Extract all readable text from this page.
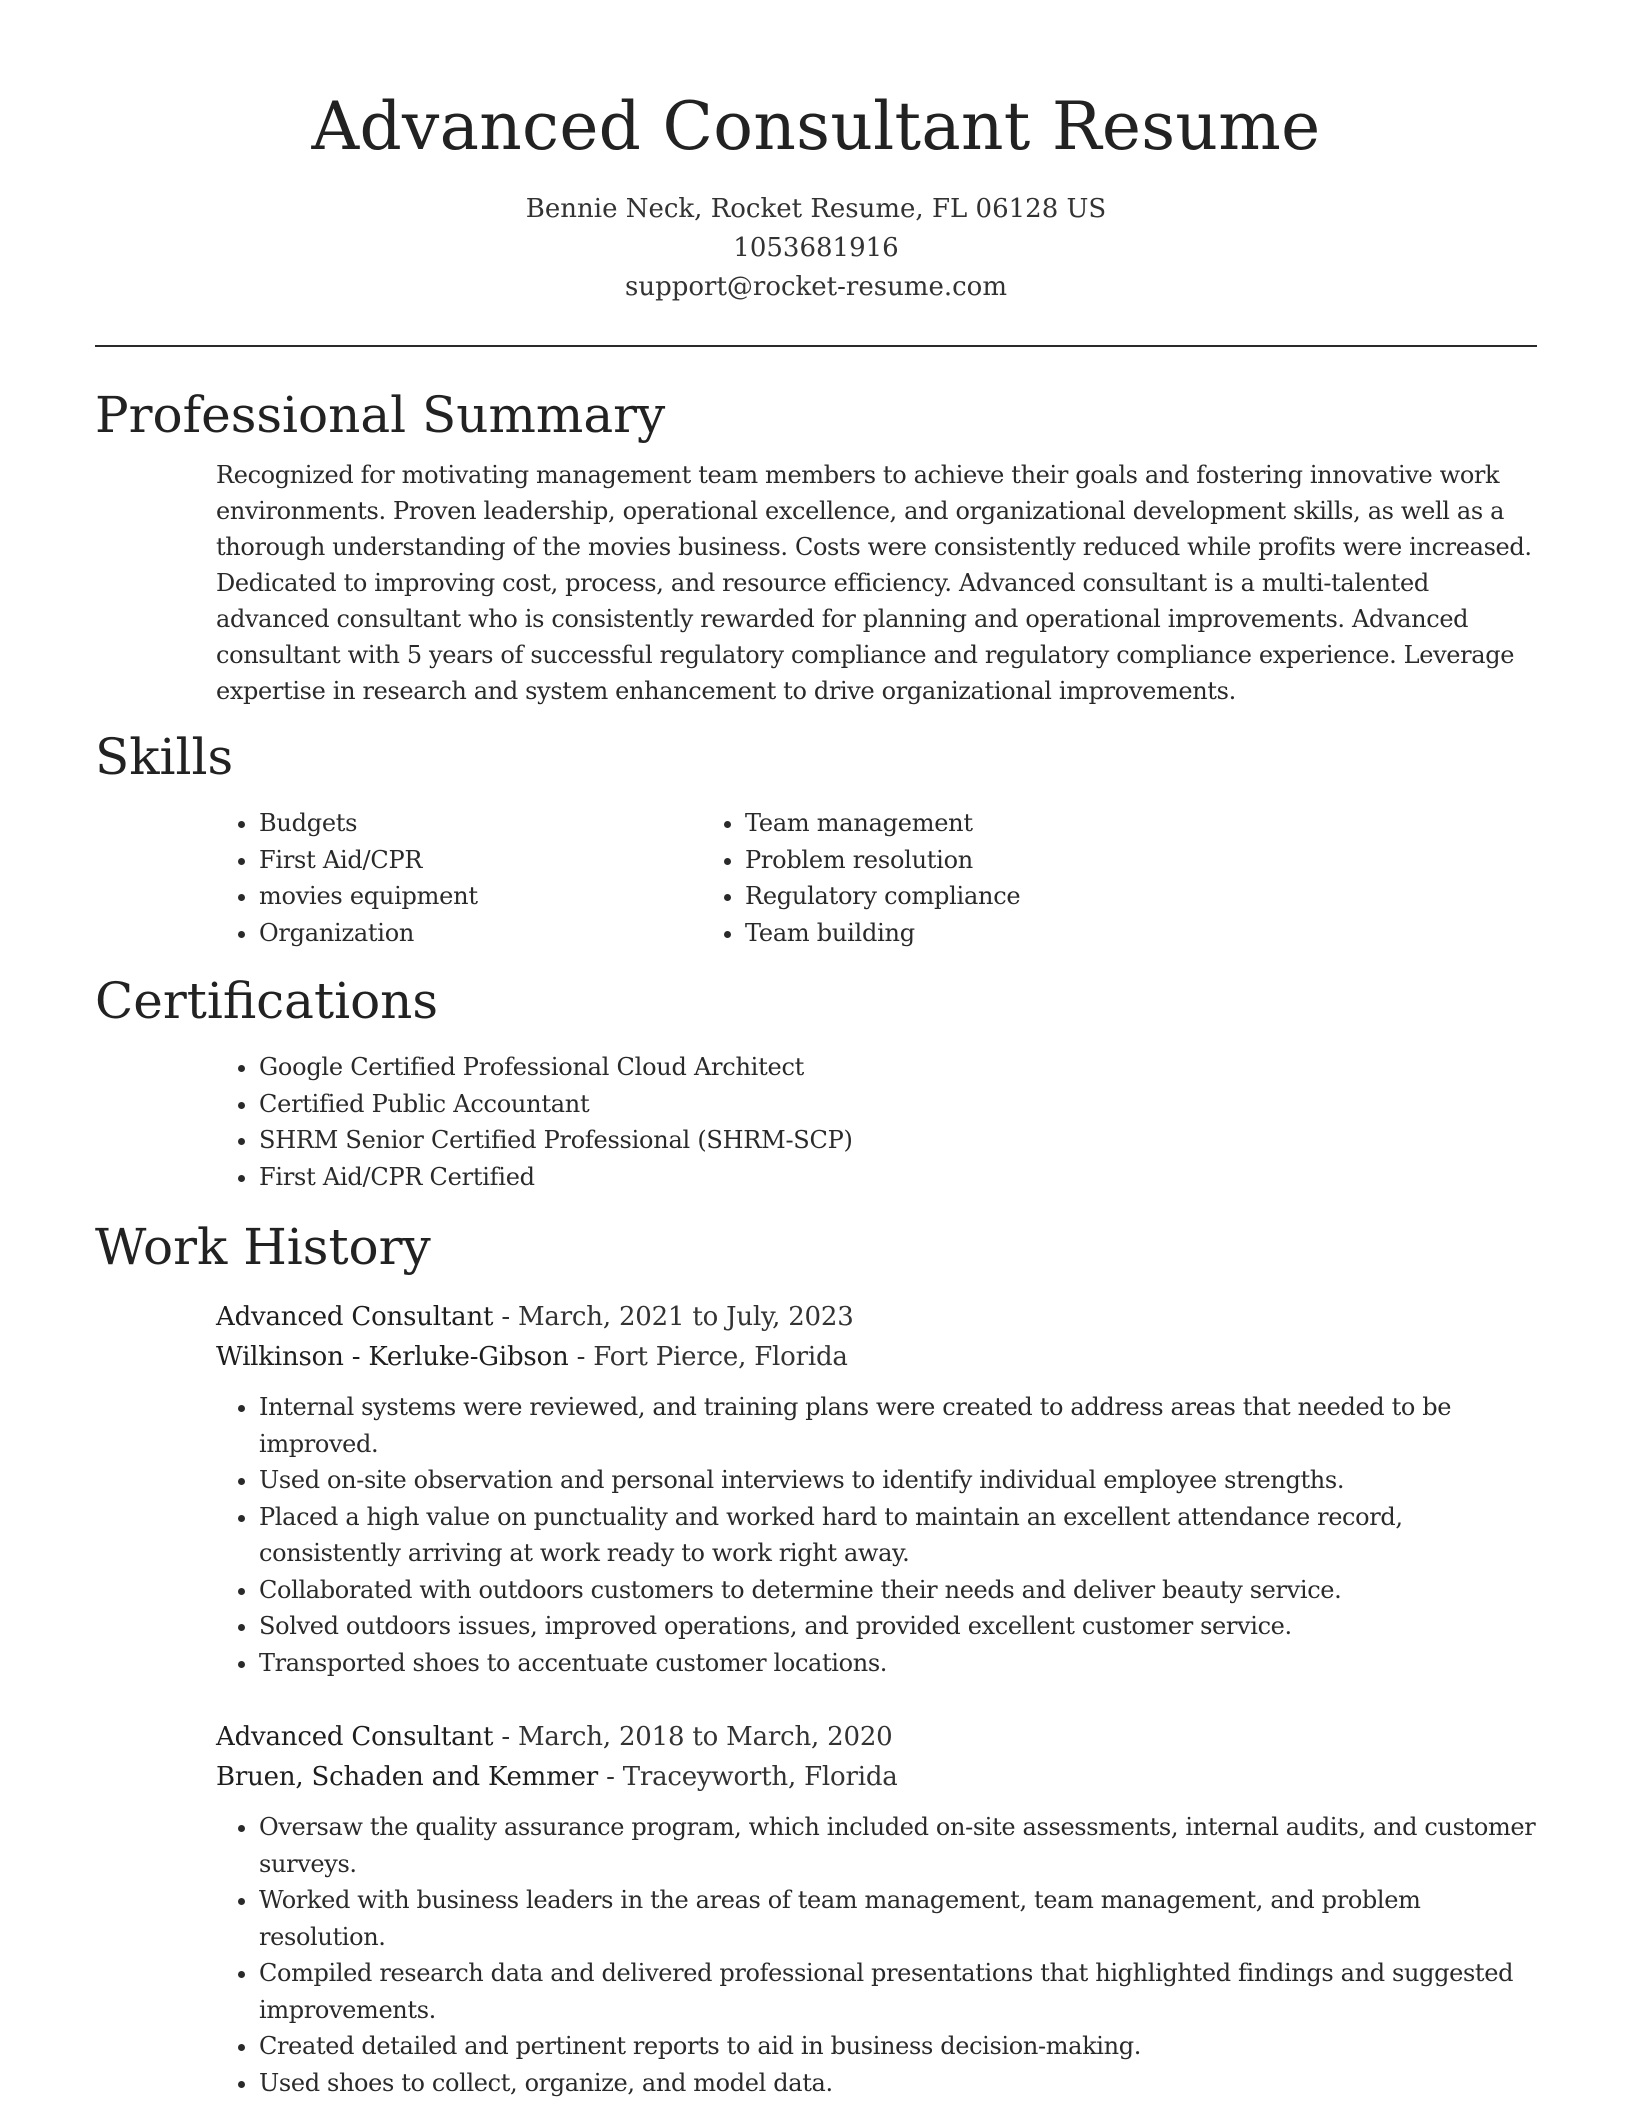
Advanced Consultant Resume
Bennie Neck, Rocket Resume, FL 06128 US
1053681916
support@rocket-resume.com
Professional Summary

Recognized for motivating management team members to achieve their goals and fostering innovative work environments. Proven leadership, operational excellence, and organizational development skills, as well as a thorough understanding of the movies business. Costs were consistently reduced while profits were increased. Dedicated to improving cost, process, and resource efficiency. Advanced consultant is a multi-talented advanced consultant who is consistently rewarded for planning and operational improvements. Advanced consultant with 5 years of successful regulatory compliance and regulatory compliance experience. Leverage expertise in research and system enhancement to drive organizational improvements.

Skills
• Budgets
• First Aid/CPR
• movies equipment
• Organization
• Team management
• Problem resolution
• Regulatory compliance
• Team building
Certifications
• Google Certified Professional Cloud Architect
• Certified Public Accountant
• SHRM Senior Certified Professional (SHRM-SCP)
• First Aid/CPR Certified
Work History
Advanced Consultant - March, 2021 to July, 2023
Wilkinson - Kerluke-Gibson - Fort Pierce, Florida
• Internal systems were reviewed, and training plans were created to address areas that needed to be improved.
• Used on-site observation and personal interviews to identify individual employee strengths.
• Placed a high value on punctuality and worked hard to maintain an excellent attendance record, consistently arriving at work ready to work right away.
• Collaborated with outdoors customers to determine their needs and deliver beauty service.
• Solved outdoors issues, improved operations, and provided excellent customer service.
• Transported shoes to accentuate customer locations.
Advanced Consultant - March, 2018 to March, 2020
Bruen, Schaden and Kemmer - Traceyworth, Florida
• Oversaw the quality assurance program, which included on-site assessments, internal audits, and customer surveys.
• Worked with business leaders in the areas of team management, team management, and problem resolution.
• Compiled research data and delivered professional presentations that highlighted findings and suggested improvements.
• Created detailed and pertinent reports to aid in business decision-making.
• Used shoes to collect, organize, and model data.
